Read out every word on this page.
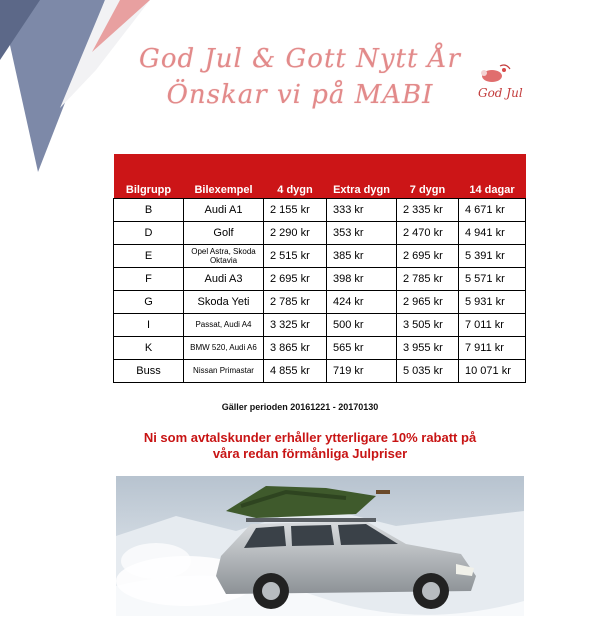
God Jul & Gott Nytt År
Önskar vi på MABI	God Jul
Bilgrupp	Bilexempel	4 dygn	Extra dygn	7 dygn	14 dagar
B	Audi A1	2 155 kr	333 kr	2 335 kr	4 671 kr
D	Golf	2 290 kr	353 kr	2 470 kr	4 941 kr
E	Opel Astra, Skoda Oktavia	2 515 kr	385 kr	2 695 kr	5 391 kr
F	Audi A3	2 695 kr	398 kr	2 785 kr	5 571 kr
G	Skoda Yeti	2 785 kr	424 kr	2 965 kr	5 931 kr
I	Passat, Audi A4	3 325 kr	500 kr	3 505 kr	7 011 kr
K	BMW 520, Audi A6	3 865 kr	565 kr	3 955 kr	7 911 kr
Buss	Nissan Primastar	4 855 kr	719 kr	5 035 kr	10 071 kr
Gäller perioden 20161221 - 20170130
Ni som avtalskunder erhåller ytterligare 10% rabatt på
våra redan förmånliga Julpriser
